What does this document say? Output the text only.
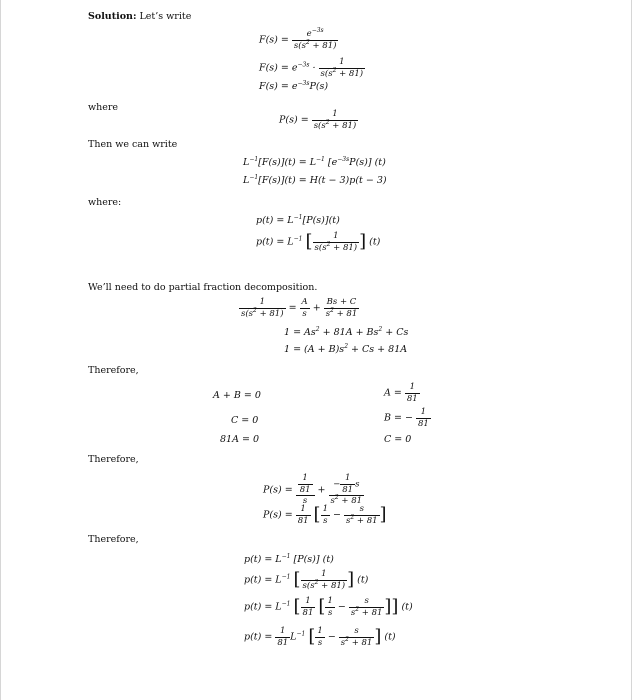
Solution: Let’s write
$F(s) = \frac{e^{-3s}}{s(s^2 + 81)}$
$F(s) = e^{-3s} \cdot \frac{1}{s(s^2 + 81)}$
$F(s) = e^{-3s}P(s)$
where
$P(s) = \frac{1}{s(s^2 + 81)}$
Then we can write
$L^{-1}[F(s)](t) = L^{-1}$ $[e^{-3s}P(s)]$ (t)
$L^{-1}[F(s)](t) = H(t - 3)p(t - 3)$
where:
$p(t) = L^{-1}[P(s)](t)$
$p(t) = L^{-1}$ [ $\frac{1}{s(s^2 + 81)}$ ] (t)
We’ll need to do partial fraction decomposition.
$\frac{1}{s(s^2 + 81)} = \frac{A}{s} + \frac{Bs + C}{s^2 + 81}$
$1 = As^2 + 81A + Bs^2 + Cs$
$1 = (A + B)s^2 + Cs + 81A$
Therefore,
A + B = 0
C = 0
81A = 0
$A = \frac{1}{81}$
B = − $\frac{1}{81}$
C = 0
Therefore,
$P(s) = \frac{\frac{1}{81}}{s} + \frac{- \frac{1}{81} s}{s^2 + 81}$
$P(s) = \frac{1}{81}$ [ $\frac{1}{s} - \frac{s}{s^2 + 81}$ ]
Therefore,
$p(t) = L^{-1}$ [P(s)] (t)
$p(t) = L^{-1}$ [ $\frac{1}{s(s^2 + 81)}$ ] (t)
$p(t) = L^{-1}$ [ $\frac{1}{81}$ [ $\frac{1}{s} - \frac{s}{s^2 + 81}$ ]] (t)
$p(t) = \frac{1}{81} L^{-1}$ [ $\frac{1}{s} - \frac{s}{s^2 + 81}$ ] (t)
